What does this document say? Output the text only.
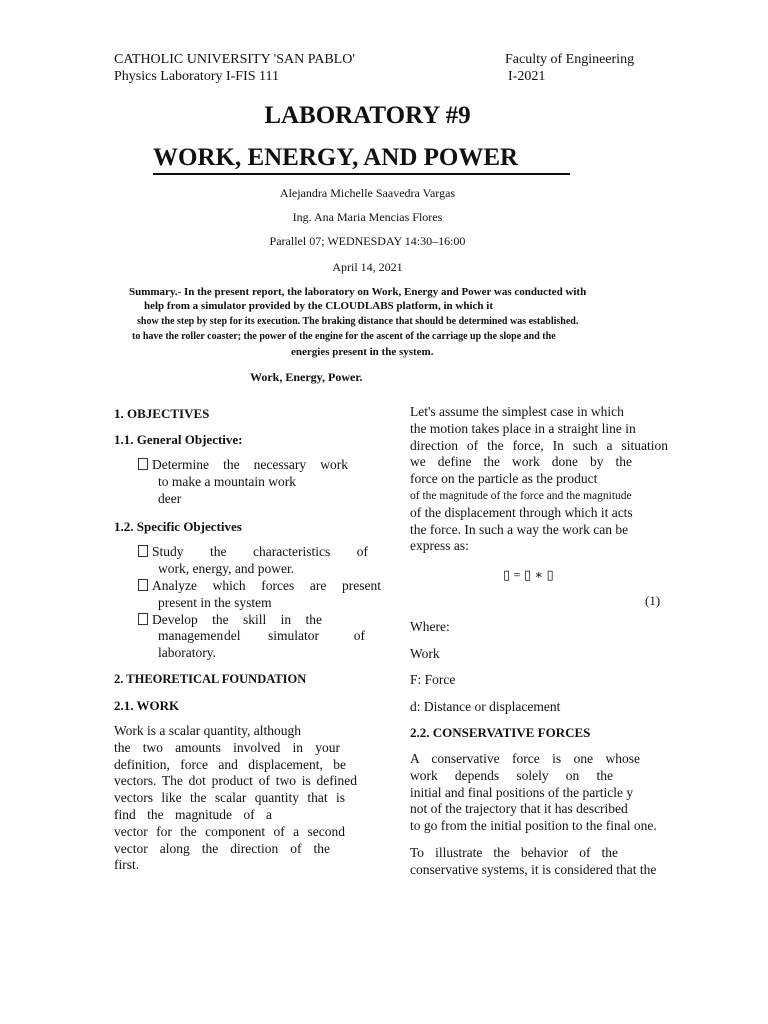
CATHOLIC UNIVERSITY 'SAN PABLO'
Physics Laboratory I-FIS 111
Faculty of Engineering
I-2021
LABORATORY #9
WORK, ENERGY, AND POWER
Alejandra Michelle Saavedra Vargas
Ing. Ana Maria Mencias Flores
Parallel 07; WEDNESDAY 14:30–16:00
April 14, 2021
Summary.- In the present report, the laboratory on Work, Energy and Power was conducted with
help from a simulator provided by the CLOUDLABS platform, in which it
show the step by step for its execution. The braking distance that should be determined was established.
to have the roller coaster; the power of the engine for the ascent of the carriage up the slope and the
energies present in the system.
Work, Energy, Power.
1. OBJECTIVES
1.1. General Objective:
Determine the necessary work
to make a mountain work
deer
1.2. Specific Objectives
Study the characteristics of
work, energy, and power.
Analyze which forces are present
present in the system
Develop the skill in the
managemen del simulator of
laboratory.
2. THEORETICAL FOUNDATION
2.1. WORK
Work is a scalar quantity, although
the two amounts involved in your
definition, force and displacement, be
vectors. The dot product of two is defined
vectors like the scalar quantity that is
find the magnitude of a
vector for the component of a second
vector along the direction of the
first.
Let's assume the simplest case in which
the motion takes place in a straight line in
direction of the force, In such a situation
we define the work done by the
force on the particle as the product
of the magnitude of the force and the magnitude
of the displacement through which it acts
the force. In such a way the work can be
express as:
▯ = ▯ ∗ ▯
(1)
Where:
Work
F: Force
d: Distance or displacement
2.2. CONSERVATIVE FORCES
A conservative force is one whose
work depends solely on the
initial and final positions of the particle y
not of the trajectory that it has described
to go from the initial position to the final one.
To illustrate the behavior of the
conservative systems, it is considered that the
